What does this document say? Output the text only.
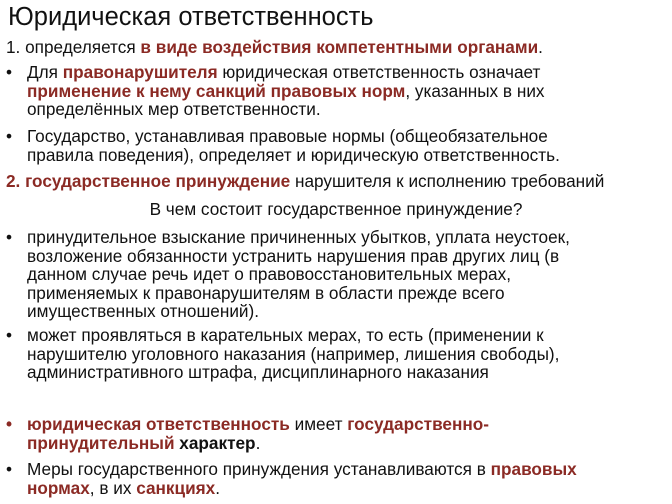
Юридическая ответственность
1. определяется в виде воздействия компетентными органами.
• Для правонарушителя юридическая ответственность означает
применение к нему санкций правовых норм, указанных в них
определённых мер ответственности.
• Государство, устанавливая правовые нормы (общеобязательное
правила поведения), определяет и юридическую ответственность.
2. государственное принуждение нарушителя к исполнению требований
В чем состоит государственное принуждение?
• принудительное взыскание причиненных убытков, уплата неустоек,
возложение обязанности устранить нарушения прав других лиц (в
данном случае речь идет о правовосстановительных мерах,
применяемых к правонарушителям в области прежде всего
имущественных отношений).
• может проявляться в карательных мерах, то есть (применении к
нарушителю уголовного наказания (например, лишения свободы),
административного штрафа, дисциплинарного наказания
• юридическая ответственность имеет государственно-
принудительный характер.
• Меры государственного принуждения устанавливаются в правовых
нормах, в их санкциях.
